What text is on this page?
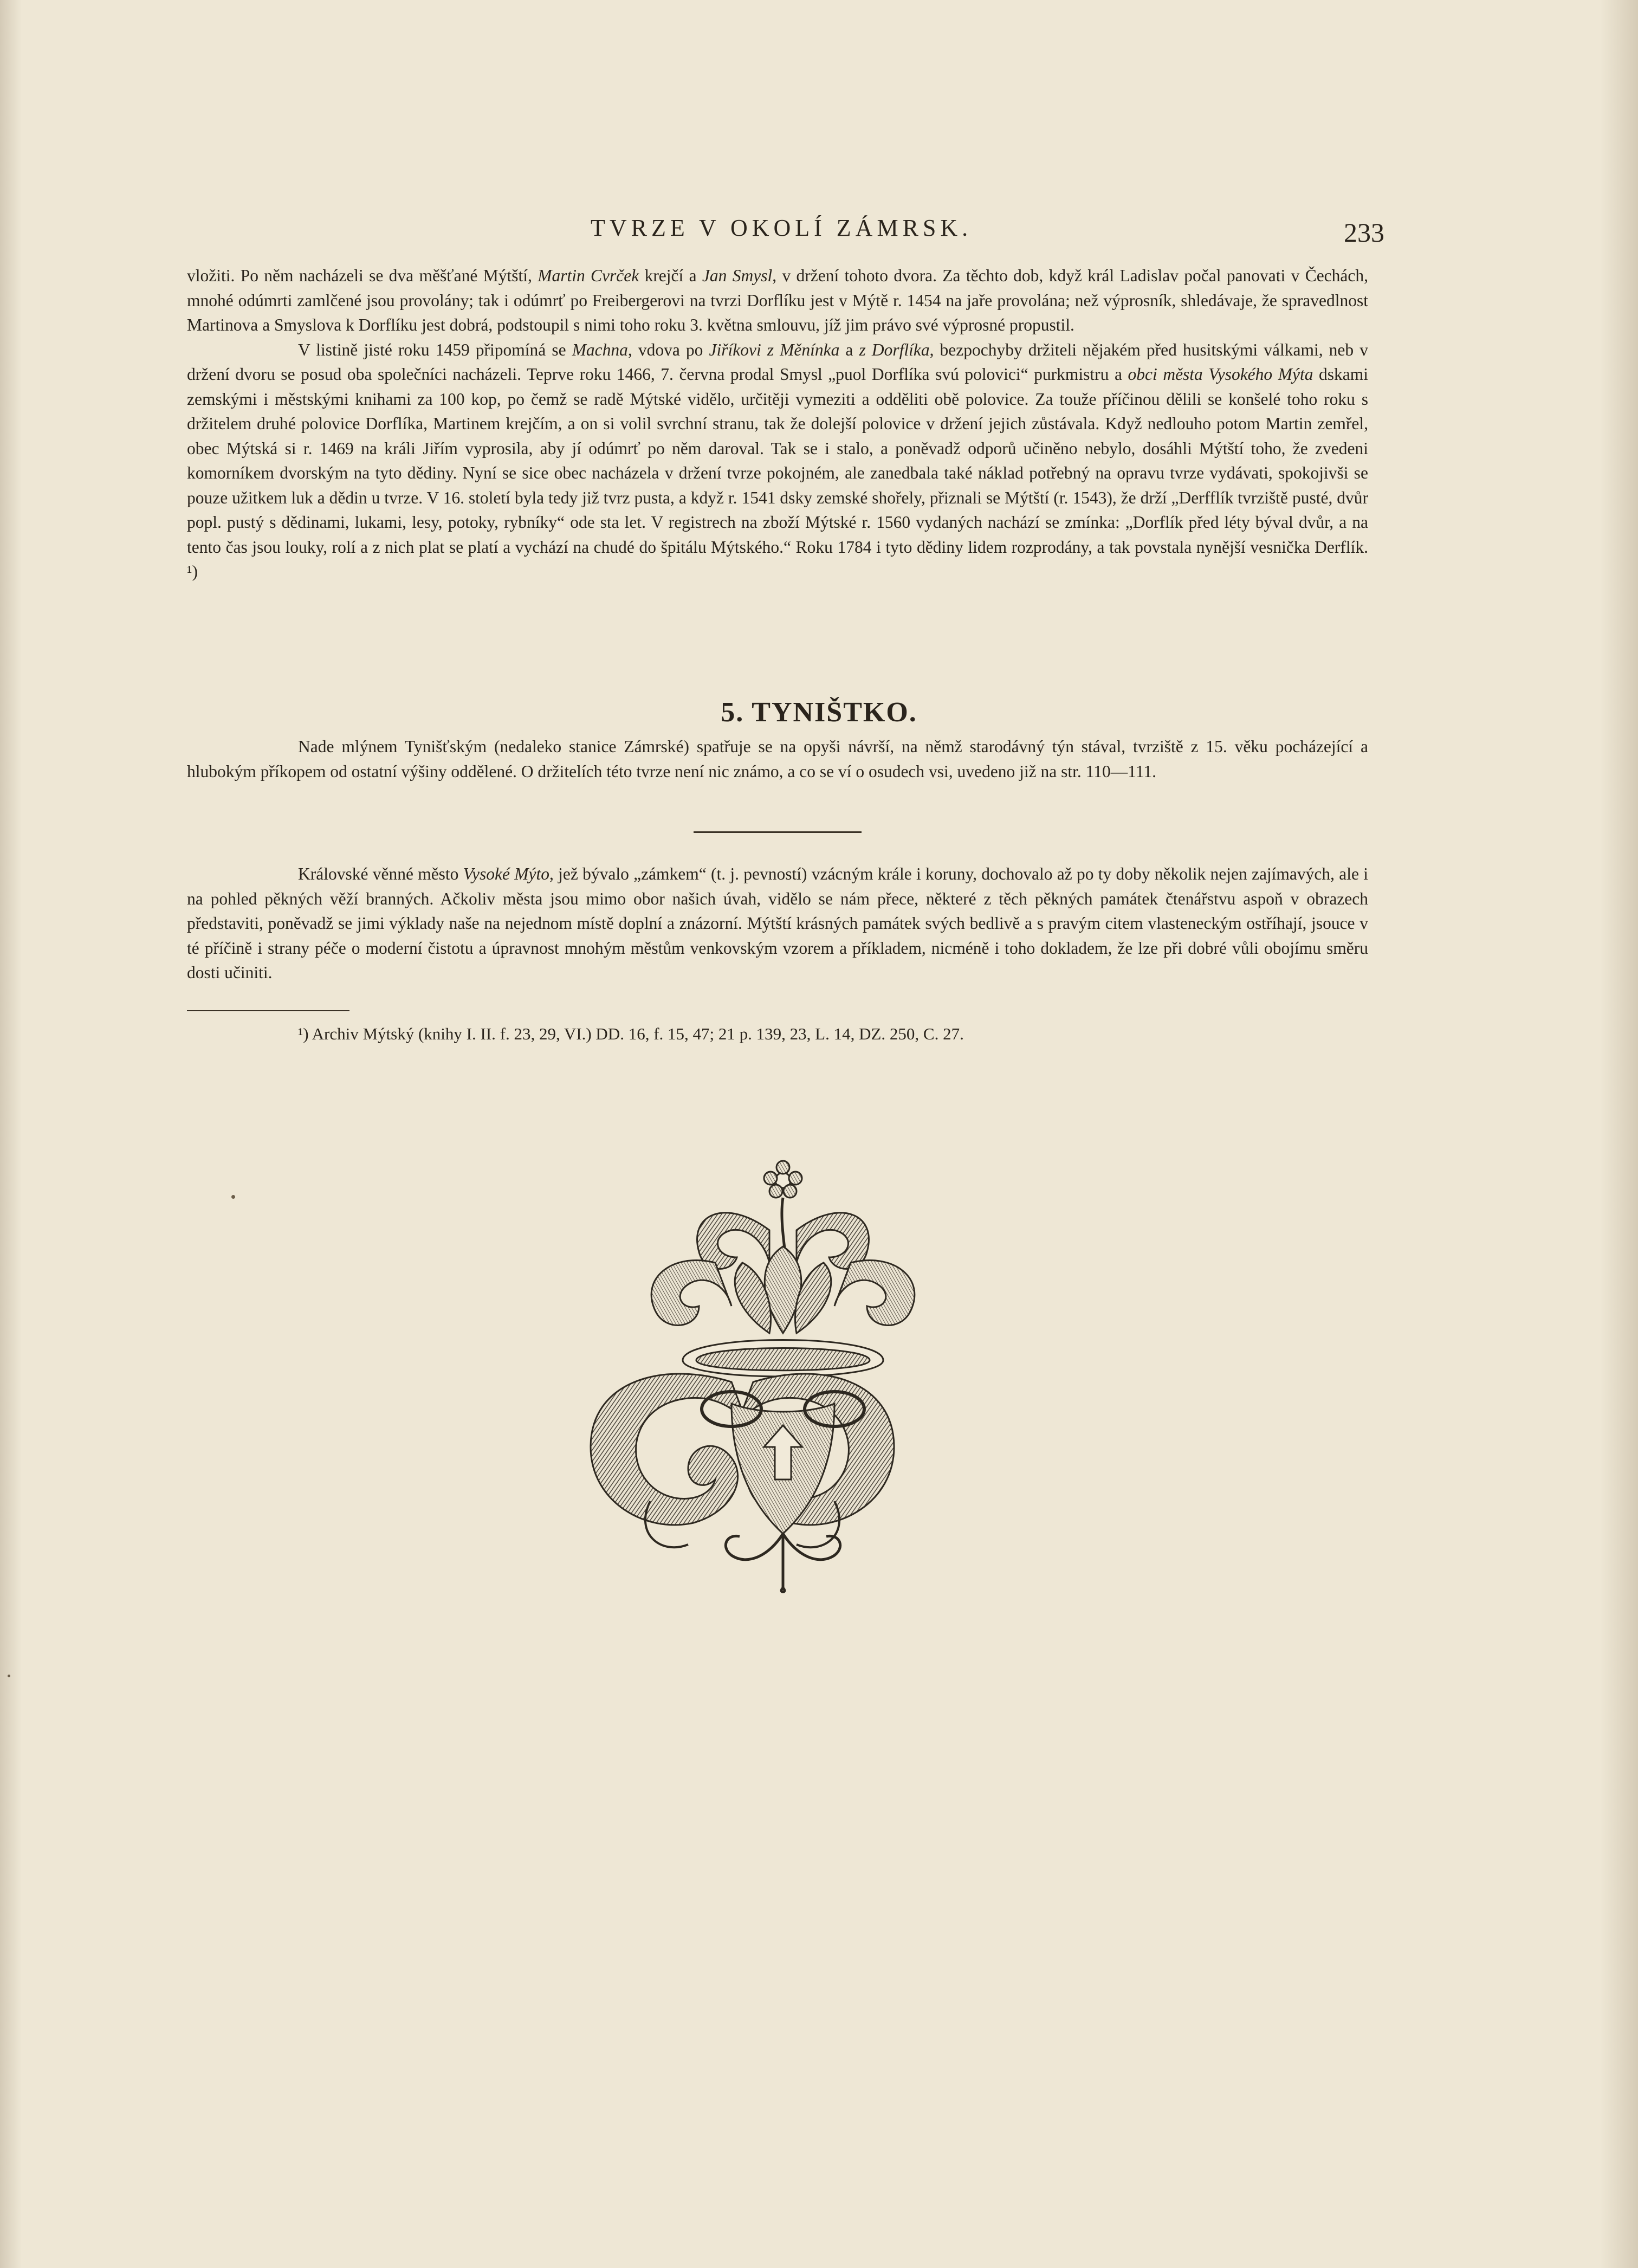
TVRZE V OKOLÍ ZÁMRSK.	233

vložiti. Po něm nacházeli se dva měšťané Mýtští, Martin Cvrček krejčí a Jan Smysl, v držení tohoto dvora. Za těchto dob, když král Ladislav počal panovati v Čechách, mnohé odúmrti zamlčené jsou provolány; tak i odúmrť po Freibergerovi na tvrzi Dorflíku jest v Mýtě r. 1454 na jaře provolána; než výprosník, shledávaje, že spravedlnost Martinova a Smyslova k Dorflíku jest dobrá, podstoupil s nimi toho roku 3. května smlouvu, jíž jim právo své výprosné propustil.

V listině jisté roku 1459 připomíná se Machna, vdova po Jiříkovi z Měnínka a z Dorflíka, bezpochyby držiteli nějakém před husitskými válkami, neb v držení dvoru se posud oba společníci nacházeli. Teprve roku 1466, 7. června prodal Smysl „puol Dorflíka svú polovici“ purkmistru a obci města Vysokého Mýta dskami zemskými i městskými knihami za 100 kop, po čemž se radě Mýtské vidělo, určitěji vymeziti a odděliti obě polovice. Za touže příčinou dělili se konšelé toho roku s držitelem druhé polovice Dorflíka, Martinem krejčím, a on si volil svrchní stranu, tak že dolejší polovice v držení jejich zůstávala. Když nedlouho potom Martin zemřel, obec Mýtská si r. 1469 na králi Jiřím vyprosila, aby jí odúmrť po něm daroval. Tak se i stalo, a poněvadž odporů učiněno nebylo, dosáhli Mýtští toho, že zvedeni komorníkem dvorským na tyto dědiny. Nyní se sice obec nacházela v držení tvrze pokojném, ale zanedbala také náklad potřebný na opravu tvrze vydávati, spokojivši se pouze užitkem luk a dědin u tvrze. V 16. století byla tedy již tvrz pusta, a když r. 1541 dsky zemské shořely, přiznali se Mýtští (r. 1543), že drží „Derfflík tvrziště pusté, dvůr popl. pustý s dědinami, lukami, lesy, potoky, rybníky“ ode sta let. V registrech na zboží Mýtské r. 1560 vydaných nachází se zmínka: „Dorflík před léty býval dvůr, a na tento čas jsou louky, rolí a z nich plat se platí a vychází na chudé do špitálu Mýtského.“ Roku 1784 i tyto dědiny lidem rozprodány, a tak povstala nynější vesnička Derflík. ¹)

5. TYNIŠTKO.

Nade mlýnem Tynišťským (nedaleko stanice Zámrské) spatřuje se na opyši návrší, na němž starodávný týn stával, tvrziště z 15. věku pocházející a hlubokým příkopem od ostatní výšiny oddělené. O držitelích této tvrze není nic známo, a co se ví o osudech vsi, uvedeno již na str. 110—111.

Královské věnné město Vysoké Mýto, jež bývalo „zámkem“ (t. j. pevností) vzácným krále i koruny, dochovalo až po ty doby několik nejen zajímavých, ale i na pohled pěkných věží branných. Ačkoliv města jsou mimo obor našich úvah, vidělo se nám přece, některé z těch pěkných památek čtenářstvu aspoň v obrazech představiti, poněvadž se jimi výklady naše na nejednom místě doplní a znázorní. Mýtští krásných památek svých bedlivě a s pravým citem vlasteneckým ostříhají, jsouce v té příčině i strany péče o moderní čistotu a úpravnost mnohým městům venkovským vzorem a příkladem, nicméně i toho dokladem, že lze při dobré vůli obojímu směru dosti učiniti.

¹) Archiv Mýtský (knihy I. II. f. 23, 29, VI.) DD. 16, f. 15, 47; 21 p. 139, 23, L. 14, DZ. 250, C. 27.
